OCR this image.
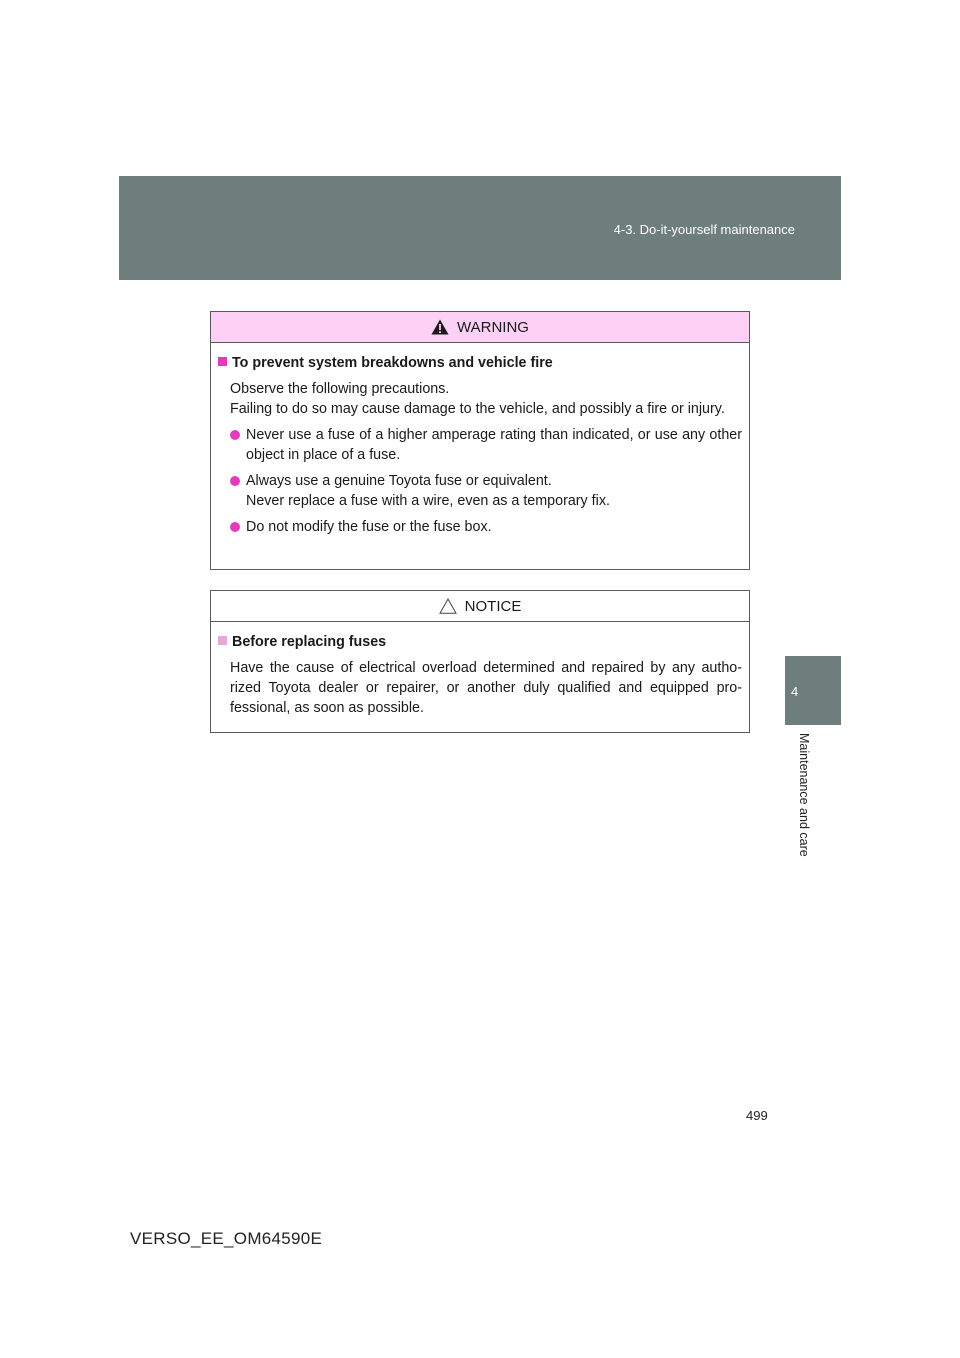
4-3. Do-it-yourself maintenance
4
Maintenance and care
WARNING
To prevent system breakdowns and vehicle fire
Observe the following precautions.
Failing to do so may cause damage to the vehicle, and possibly a fire or injury.
Never use a fuse of a higher amperage rating than indicated, or use any other object in place of a fuse.
Always use a genuine Toyota fuse or equivalent.
Never replace a fuse with a wire, even as a temporary fix.
Do not modify the fuse or the fuse box.
NOTICE
Before replacing fuses
Have the cause of electrical overload determined and repaired by any autho-rized Toyota dealer or repairer, or another duly qualified and equipped pro-fessional, as soon as possible.
499
VERSO_EE_OM64590E
